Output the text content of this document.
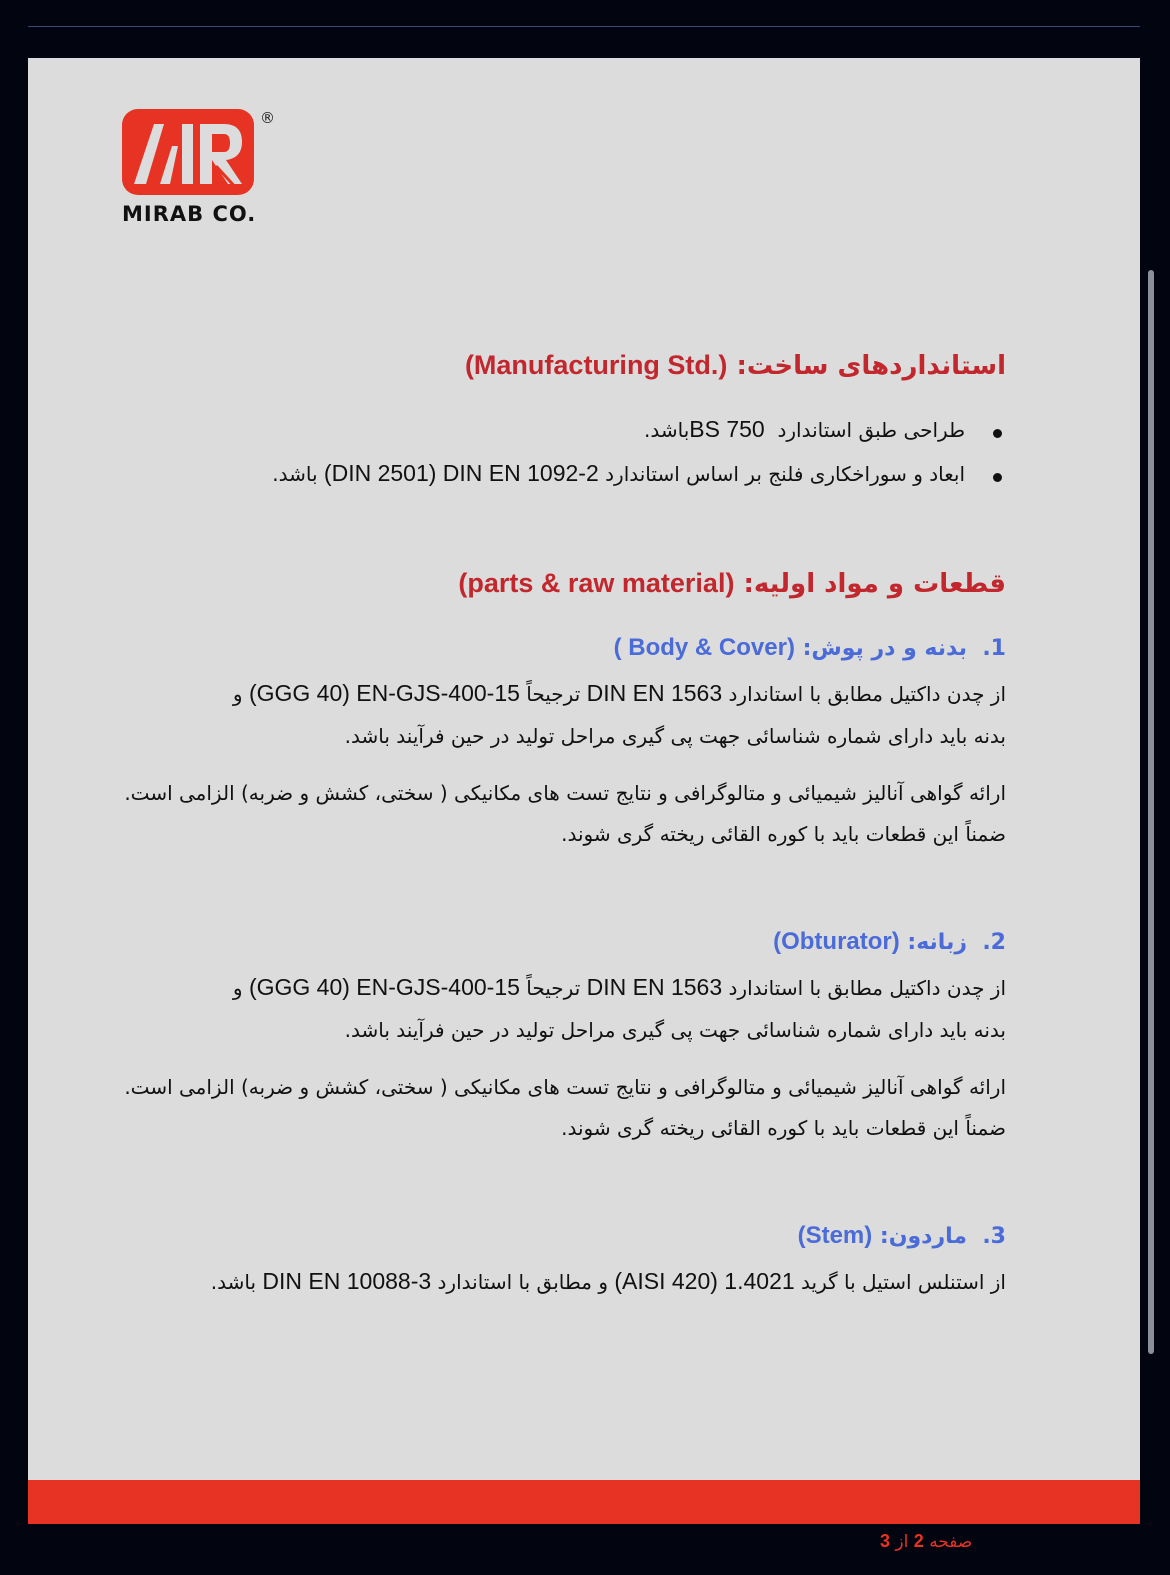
®
MIRAB CO.
استانداردهای ساخت: (Manufacturing Std.)
طراحی طبق استاندارد BS 750 باشد.
ابعاد و سوراخکاری فلنج بر اساس استاندارد (DIN 2501) DIN EN 1092-2 باشد.
قطعات و مواد اولیه: (parts & raw material)
.1  بدنه و در پوش: ( Body & Cover)
از چدن داکتیل مطابق با استاندارد DIN EN 1563 ترجیحاً (GGG 40) EN-GJS-400-15 و
بدنه باید دارای شماره شناسائی جهت پی گیری مراحل تولید در حین فرآیند باشد.
ارائه گواهی آنالیز شیمیائی و متالوگرافی و نتایج تست های مکانیکی ( سختی، کشش و ضربه) الزامی است.
ضمناً این قطعات باید با کوره القائی ریخته گری شوند.
.2  زبانه: (Obturator)
از چدن داکتیل مطابق با استاندارد DIN EN 1563 ترجیحاً (GGG 40) EN-GJS-400-15 و
بدنه باید دارای شماره شناسائی جهت پی گیری مراحل تولید در حین فرآیند باشد.
ارائه گواهی آنالیز شیمیائی و متالوگرافی و نتایج تست های مکانیکی ( سختی، کشش و ضربه) الزامی است.
ضمناً این قطعات باید با کوره القائی ریخته گری شوند.
.3  ماردون: (Stem)
از استنلس استیل با گرید (AISI 420) 1.4021 و مطابق با استاندارد DIN EN 10088-3 باشد.
صفحه 2 از 3
